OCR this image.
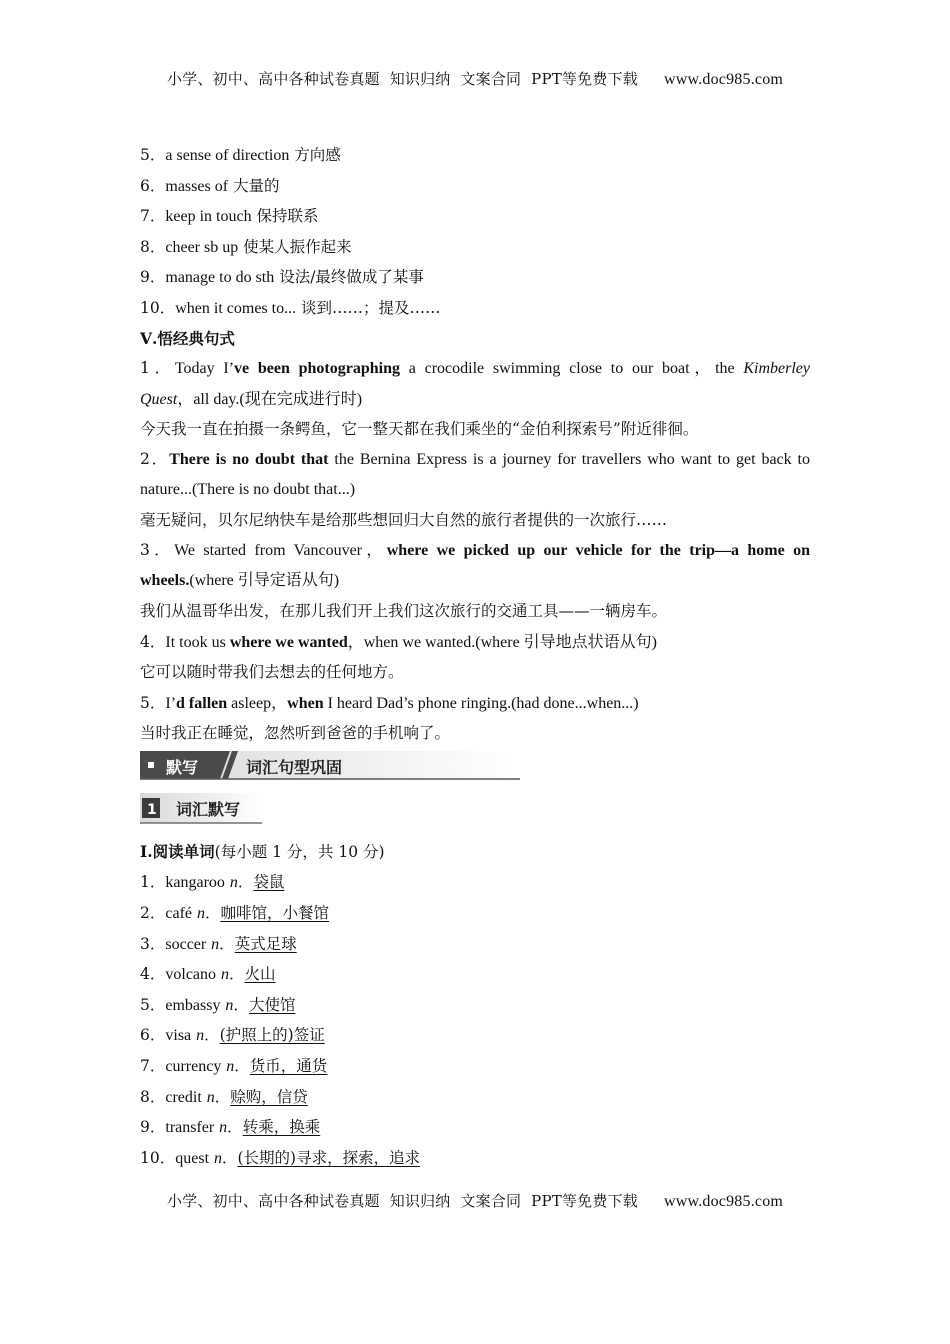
小学、初中、高中各种试卷真题  知识归纳  文案合同  PPT等免费下载 www.doc985.com
5．a sense of direction 方向感
6．masses of 大量的
7．keep in touch 保持联系
8．cheer sb up 使某人振作起来
9．manage to do sth 设法/最终做成了某事
10．when it comes to... 谈到……；提及……
Ⅴ.悟经典句式
1．Today I’ve been photographing a crocodile swimming close to our boat，the Kimberley
Quest，all day.(现在完成进行时)
今天我一直在拍摄一条鳄鱼，它一整天都在我们乘坐的“金伯利探索号”附近徘徊。
2．There is no doubt that the Bernina Express is a journey for travellers who want to get back to
nature...(There is no doubt that...)
毫无疑问，贝尔尼纳快车是给那些想回归大自然的旅行者提供的一次旅行……
3．We started from Vancouver，where we picked up our vehicle for the trip—a home on
wheels.(where 引导定语从句)
我们从温哥华出发，在那儿我们开上我们这次旅行的交通工具——一辆房车。
4．It took us where we wanted，when we wanted.(where 引导地点状语从句)
它可以随时带我们去想去的任何地方。
5．I’d fallen asleep，when I heard Dad’s phone ringing.(had done...when...)
当时我正在睡觉，忽然听到爸爸的手机响了。
1
默写	词汇句型巩固
词汇默写
Ⅰ.阅读单词(每小题 1 分，共 10 分)
1．kangaroo n．袋鼠
2．café n．咖啡馆，小餐馆
3．soccer n．英式足球
4．volcano n．火山
5．embassy n．大使馆
6．visa n．(护照上的)签证
7．currency n．货币，通货
8．credit n．赊购，信贷
9．transfer n．转乘，换乘
10．quest n．(长期的)寻求，探索，追求
小学、初中、高中各种试卷真题  知识归纳  文案合同  PPT等免费下载 www.doc985.com
